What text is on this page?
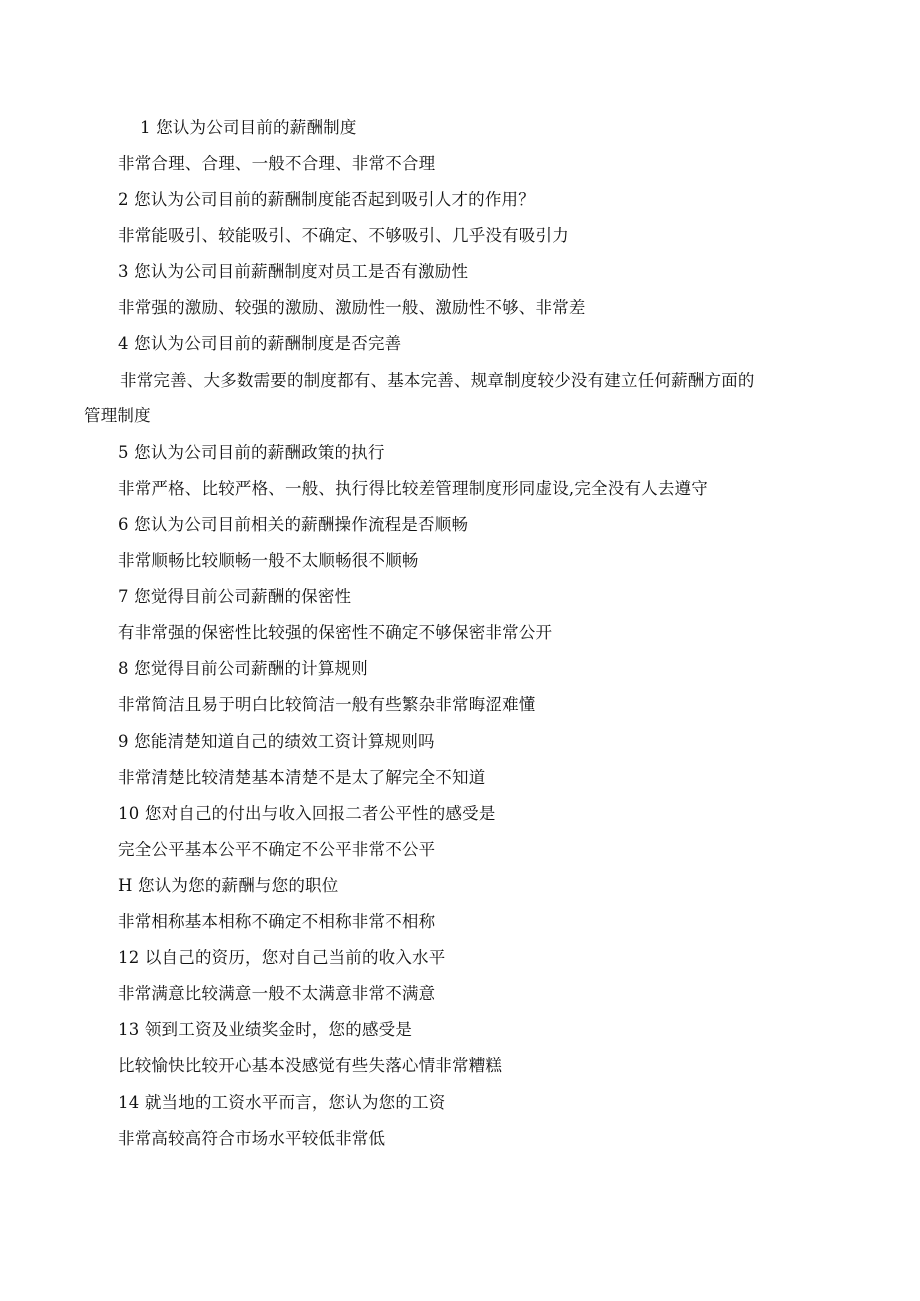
1 您认为公司目前的薪酬制度
非常合理、合理、一般不合理、非常不合理
2 您认为公司目前的薪酬制度能否起到吸引人才的作用？
非常能吸引、较能吸引、不确定、不够吸引、几乎没有吸引力
3 您认为公司目前薪酬制度对员工是否有激励性
非常强的激励、较强的激励、激励性一般、激励性不够、非常差
4 您认为公司目前的薪酬制度是否完善
非常完善、大多数需要的制度都有、基本完善、规章制度较少没有建立任何薪酬方面的
管理制度
5 您认为公司目前的薪酬政策的执行
非常严格、比较严格、一般、执行得比较差管理制度形同虚设,完全没有人去遵守
6 您认为公司目前相关的薪酬操作流程是否顺畅
非常顺畅比较顺畅一般不太顺畅很不顺畅
7 您觉得目前公司薪酬的保密性
有非常强的保密性比较强的保密性不确定不够保密非常公开
8 您觉得目前公司薪酬的计算规则
非常简洁且易于明白比较简洁一般有些繁杂非常晦涩难懂
9 您能清楚知道自己的绩效工资计算规则吗
非常清楚比较清楚基本清楚不是太了解完全不知道
10 您对自己的付出与收入回报二者公平性的感受是
完全公平基本公平不确定不公平非常不公平
H 您认为您的薪酬与您的职位
非常相称基本相称不确定不相称非常不相称
12 以自己的资历，您对自己当前的收入水平
非常满意比较满意一般不太满意非常不满意
13 领到工资及业绩奖金时，您的感受是
比较愉快比较开心基本没感觉有些失落心情非常糟糕
14 就当地的工资水平而言，您认为您的工资
非常高较高符合市场水平较低非常低
